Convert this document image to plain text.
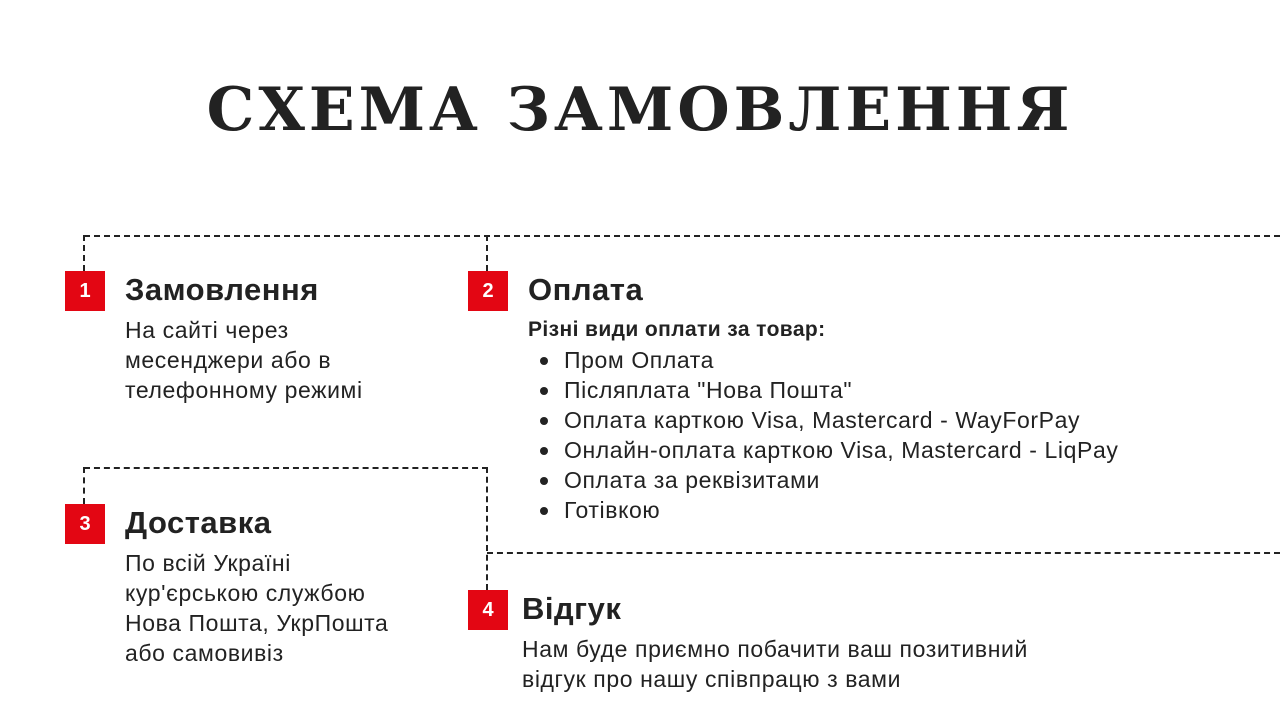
СХЕМА ЗАМОВЛЕННЯ
1	Замовлення

На сайті через
месенджери або в
телефонному режимі

2	Оплата

Різні види оплати за товар:

Пром Оплата
Післяплата "Нова Пошта"
Оплата карткою Visa, Mastercard - WayForPay
Онлайн-оплата карткою Visa, Mastercard - LiqPay
Оплата за реквізитами
Готівкою
3	Доставка

По всій Україні
кур'єрською службою
Нова Пошта, УкрПошта
або самовивіз

4 Відгук

Нам буде приємно побачити ваш позитивний
відгук про нашу співпрацю з вами
